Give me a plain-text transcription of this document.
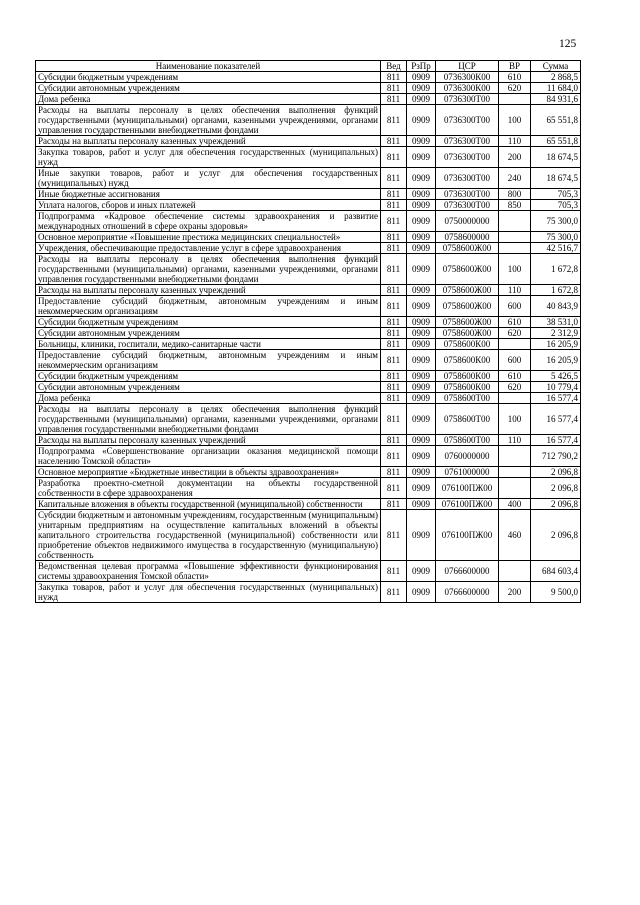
125
Наименование показателей	Вед	РзПр	ЦСР	ВР	Сумма
Субсидии бюджетным учреждениям	811	0909	0736300К00	610	2 868,5
Субсидии автономным учреждениям	811	0909	0736300К00	620	11 684,0
Дома ребенка	811	0909	0736300Т00		84 931,6
Расходы на выплаты персоналу в целях обеспечения выполнения функций государственными (муниципальными) органами, казенными учреждениями, органами управления государственными внебюджетными фондами	811	0909	0736300Т00	100	65 551,8
Расходы на выплаты персоналу казенных учреждений	811	0909	0736300Т00	110	65 551,8
Закупка товаров, работ и услуг для обеспечения государственных (муниципальных) нужд	811	0909	0736300Т00	200	18 674,5
Иные закупки товаров, работ и услуг для обеспечения государственных (муниципальных) нужд	811	0909	0736300Т00	240	18 674,5
Иные бюджетные ассигнования	811	0909	0736300Т00	800	705,3
Уплата налогов, сборов и иных платежей	811	0909	0736300Т00	850	705,3
Подпрограмма «Кадровое обеспечение системы здравоохранения и развитие международных отношений в сфере охраны здоровья»	811	0909	0750000000		75 300,0
Основное мероприятие «Повышение престижа медицинских специальностей»	811	0909	0758600000		75 300,0
Учреждения, обеспечивающие предоставление услуг в сфере здравоохранения	811	0909	0758600Ж00		42 516,7
Расходы на выплаты персоналу в целях обеспечения выполнения функций государственными (муниципальными) органами, казенными учреждениями, органами управления государственными внебюджетными фондами	811	0909	0758600Ж00	100	1 672,8
Расходы на выплаты персоналу казенных учреждений	811	0909	0758600Ж00	110	1 672,8
Предоставление субсидий бюджетным, автономным учреждениям и иным некоммерческим организациям	811	0909	0758600Ж00	600	40 843,9
Субсидии бюджетным учреждениям	811	0909	0758600Ж00	610	38 531,0
Субсидии автономным учреждениям	811	0909	0758600Ж00	620	2 312,9
Больницы, клиники, госпитали, медико-санитарные части	811	0909	0758600К00		16 205,9
Предоставление субсидий бюджетным, автономным учреждениям и иным некоммерческим организациям	811	0909	0758600К00	600	16 205,9
Субсидии бюджетным учреждениям	811	0909	0758600К00	610	5 426,5
Субсидии автономным учреждениям	811	0909	0758600К00	620	10 779,4
Дома ребенка	811	0909	0758600Т00		16 577,4
Расходы на выплаты персоналу в целях обеспечения выполнения функций государственными (муниципальными) органами, казенными учреждениями, органами управления государственными внебюджетными фондами	811	0909	0758600Т00	100	16 577,4
Расходы на выплаты персоналу казенных учреждений	811	0909	0758600Т00	110	16 577,4
Подпрограмма «Совершенствование организации оказания медицинской помощи населению Томской области»	811	0909	0760000000		712 790,2
Основное мероприятие «Бюджетные инвестиции в объекты здравоохранения»	811	0909	0761000000		2 096,8
Разработка проектно-сметной документации на объекты государственной собственности в сфере здравоохранения	811	0909	076100ПЖ00		2 096,8
Капитальные вложения в объекты государственной (муниципальной) собственности	811	0909	076100ПЖ00	400	2 096,8
Субсидии бюджетным и автономным учреждениям, государственным (муниципальным) унитарным предприятиям на осуществление капитальных вложений в объекты капитального строительства государственной (муниципальной) собственности или приобретение объектов недвижимого имущества в государственную (муниципальную) собственность	811	0909	076100ПЖ00	460	2 096,8
Ведомственная целевая программа «Повышение эффективности функционирования системы здравоохранения Томской области»	811	0909	0766600000		684 603,4
Закупка товаров, работ и услуг для обеспечения государственных (муниципальных) нужд	811	0909	0766600000	200	9 500,0
